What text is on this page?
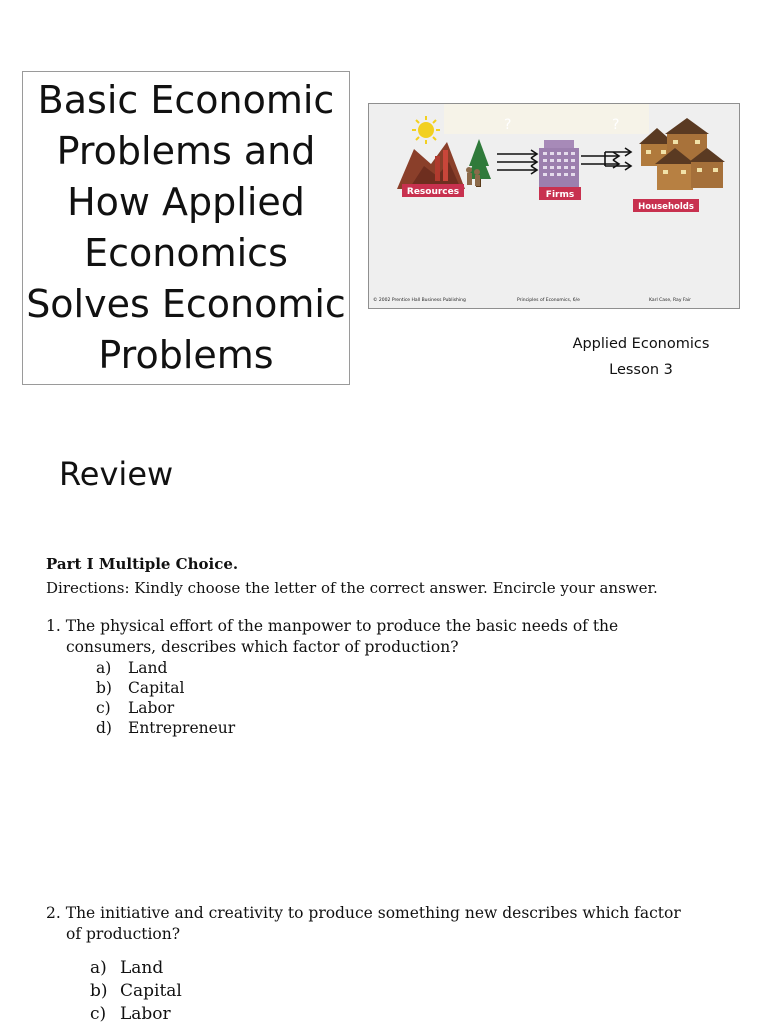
Basic Economic
Problems and
How Applied
Economics
Solves Economic
Problems
?	?
Resources	Firms
Households
© 2002 Prentice Hall Business Publishing	Principles of Economics, 6/e	Karl Case, Ray Fair
Applied Economics
Lesson 3
Review

Part I Multiple Choice.

Directions: Kindly choose the letter of the correct answer. Encircle your answer.

1. The physical effort of the manpower to produce the basic needs of the

consumers, describes which factor of production?

a)	Land
b)	Capital
c)	Labor
d)	Entrepreneur

2. The initiative and creativity to produce something new describes which factor

of production?

a) Land
b) Capital
c) Labor
